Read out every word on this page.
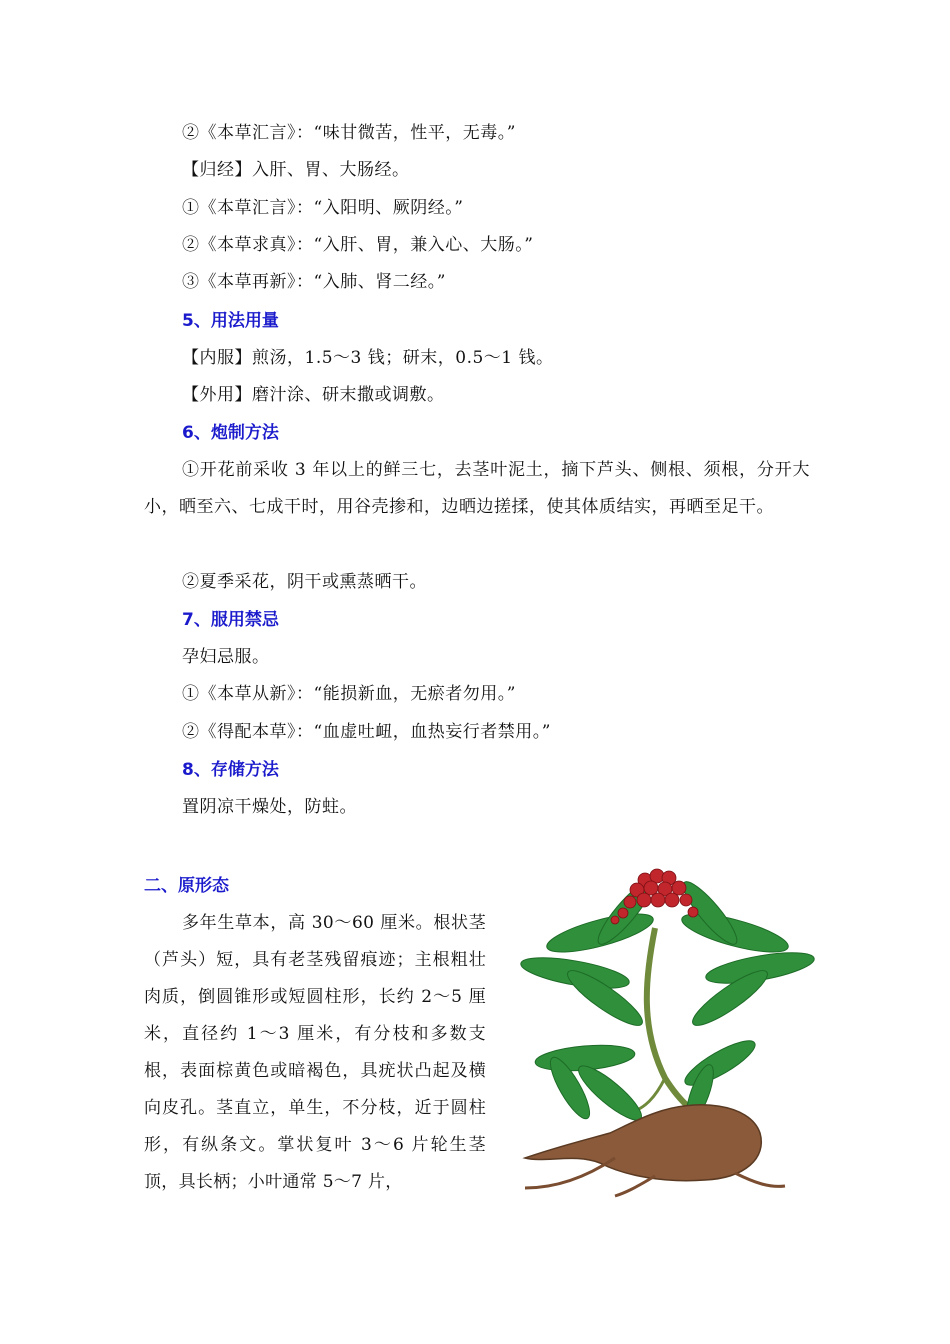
②《本草汇言》：“味甘微苦，性平，无毒。”
【归经】入肝、胃、大肠经。
①《本草汇言》：“入阳明、厥阴经。”
②《本草求真》：“入肝、胃，兼入心、大肠。”
③《本草再新》：“入肺、肾二经。”
5、用法用量
【内服】煎汤，1.5～3 钱；研末，0.5～1 钱。
【外用】磨汁涂、研末撒或调敷。
6、炮制方法
①开花前采收 3 年以上的鲜三七，去茎叶泥土，摘下芦头、侧根、须根，分开大小，晒至六、七成干时，用谷壳掺和，边晒边搓揉，使其体质结实，再晒至足干。
②夏季采花，阴干或熏蒸晒干。
7、服用禁忌
孕妇忌服。
①《本草从新》：“能损新血，无瘀者勿用。”
②《得配本草》：“血虚吐衄，血热妄行者禁用。”
8、存储方法
置阴凉干燥处，防蛀。
二、原形态
多年生草本，高 30～60 厘米。根状茎（芦头）短，具有老茎残留痕迹；主根粗壮肉质，倒圆锥形或短圆柱形，长约 2～5 厘米，直径约 1～3 厘米，有分枝和多数支根，表面棕黄色或暗褐色，具疣状凸起及横向皮孔。茎直立，单生，不分枝，近于圆柱形，有纵条文。掌状复叶 3～6 片轮生茎顶，具长柄；小叶通常 5～7 片，
